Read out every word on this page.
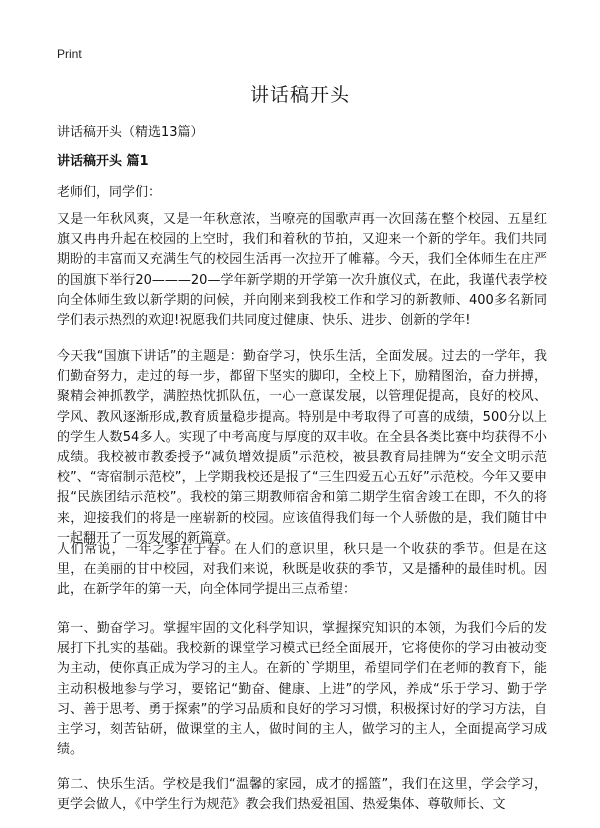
Print
讲话稿开头
讲话稿开头（精选13篇）
讲话稿开头 篇1
老师们，同学们：

又是一年秋风爽，又是一年秋意浓，当嘹亮的国歌声再一次回荡在整个校园、五星红旗又冉冉升起在校园的上空时，我们和着秋的节拍，又迎来一个新的学年。我们共同期盼的丰富而又充满生气的校园生活再一次拉开了帷幕。今天，我们全体师生在庄严的国旗下举行20———20—学年新学期的开学第一次升旗仪式，在此，我谨代表学校向全体师生致以新学期的问候，并向刚来到我校工作和学习的新教师、400多名新同学们表示热烈的欢迎!祝愿我们共同度过健康、快乐、进步、创新的学年!

今天我“国旗下讲话”的主题是：勤奋学习，快乐生活，全面发展。过去的一学年，我们勤奋努力，走过的每一步，都留下坚实的脚印，全校上下，励精图治，奋力拼搏，聚精会神抓教学，满腔热忱抓队伍，一心一意谋发展，以管理促提高，良好的校风、学风、教风逐渐形成,教育质量稳步提高。特别是中考取得了可喜的成绩，500分以上的学生人数54多人。实现了中考高度与厚度的双丰收。在全县各类比赛中均获得不小成绩。我校被市教委授予“减负增效提质”示范校，被县教育局挂牌为“安全文明示范校”、“寄宿制示范校”，上学期我校还是报了“三生四爱五心五好”示范校。今年又要申报“民族团结示范校”。我校的第三期教师宿舍和第二期学生宿舍竣工在即，不久的将来，迎接我们的将是一座崭新的校园。应该值得我们每一个人骄傲的是，我们随甘中一起翻开了一页发展的新篇章。

人们常说，一年之季在于春。在人们的意识里，秋只是一个收获的季节。但是在这里，在美丽的甘中校园，对我们来说，秋既是收获的季节，又是播种的最佳时机。因此，在新学年的第一天，向全体同学提出三点希望：

第一、勤奋学习。掌握牢固的文化科学知识，掌握探究知识的本领，为我们今后的发展打下扎实的基础。我校新的课堂学习模式已经全面展开，它将使你的学习由被动变为主动，使你真正成为学习的主人。在新的`学期里，希望同学们在老师的教育下，能主动积极地参与学习，要铭记“勤奋、健康、上进”的学风，养成“乐于学习、勤于学习、善于思考、勇于探索”的学习品质和良好的学习习惯，积极探讨好的学习方法，自主学习，刻苦钻研，做课堂的主人，做时间的主人，做学习的主人，全面提高学习成绩。

第二、快乐生活。学校是我们“温馨的家园，成才的摇篮”，我们在这里，学会学习，更学会做人，《中学生行为规范》教会我们热爱祖国、热爱集体、尊敬师长、文
